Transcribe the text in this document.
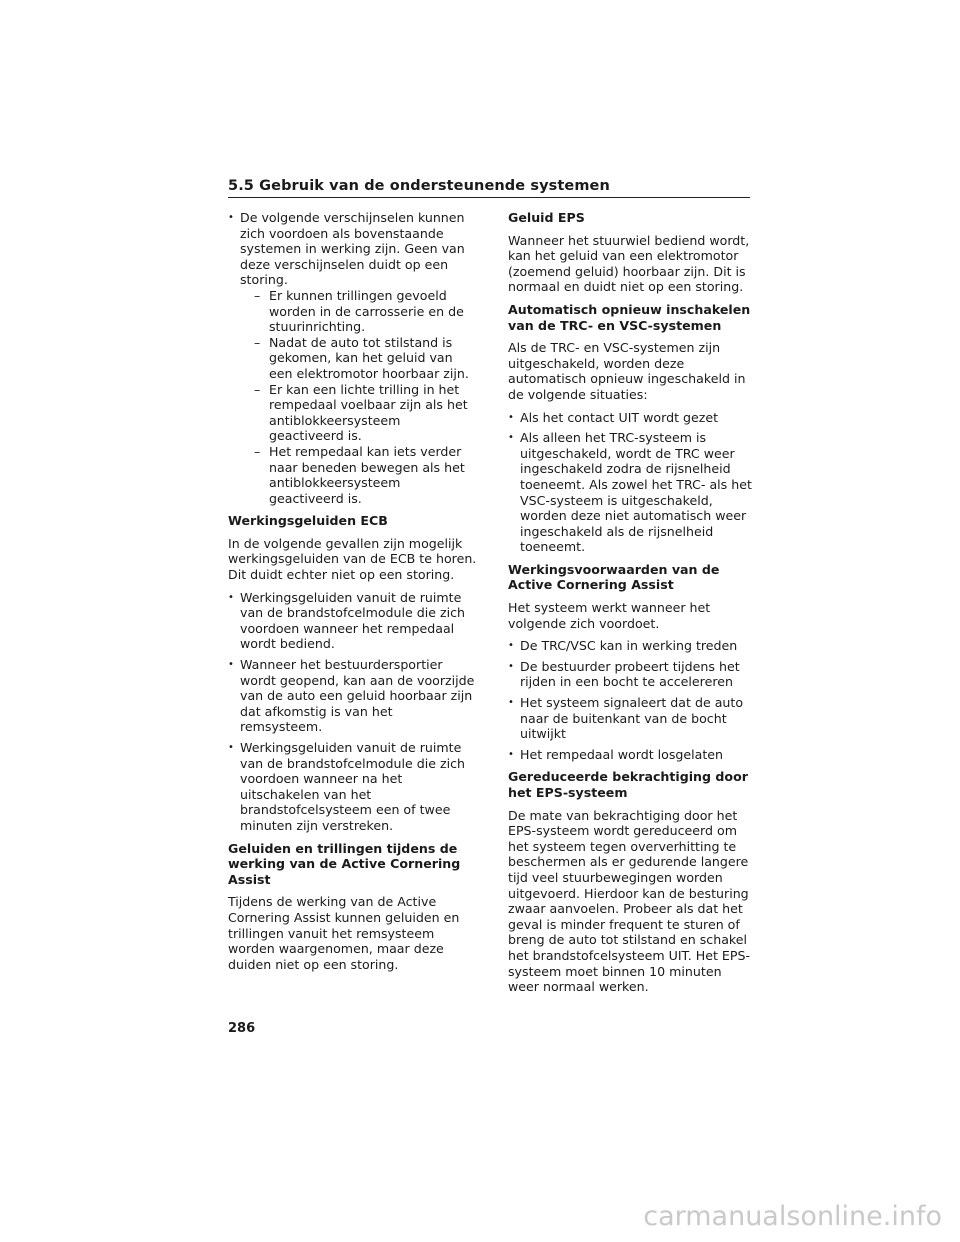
5.5 Gebruik van de ondersteunende systemen
• De volgende verschijnselen kunnen zich voordoen als bovenstaande systemen in werking zijn. Geen van deze verschijnselen duidt op een storing.
– Er kunnen trillingen gevoeld worden in de carrosserie en de stuurinrichting.
– Nadat de auto tot stilstand is gekomen, kan het geluid van een elektromotor hoorbaar zijn.
– Er kan een lichte trilling in het rempedaal voelbaar zijn als het antiblokkeersysteem geactiveerd is.
– Het rempedaal kan iets verder naar beneden bewegen als het antiblokkeersysteem geactiveerd is.
Werkingsgeluiden ECB

In de volgende gevallen zijn mogelijk werkingsgeluiden van de ECB te horen. Dit duidt echter niet op een storing.

• Werkingsgeluiden vanuit de ruimte van de brandstofcelmodule die zich voordoen wanneer het rempedaal wordt bediend.
• Wanneer het bestuurdersportier wordt geopend, kan aan de voorzijde van de auto een geluid hoorbaar zijn dat afkomstig is van het remsysteem.
• Werkingsgeluiden vanuit de ruimte van de brandstofcelmodule die zich voordoen wanneer na het uitschakelen van het brandstofcelsysteem een of twee minuten zijn verstreken.
Geluiden en trillingen tijdens de werking van de Active Cornering Assist

Tijdens de werking van de Active Cornering Assist kunnen geluiden en trillingen vanuit het remsysteem worden waargenomen, maar deze duiden niet op een storing.

Geluid EPS

Wanneer het stuurwiel bediend wordt, kan het geluid van een elektromotor (zoemend geluid) hoorbaar zijn. Dit is normaal en duidt niet op een storing.

Automatisch opnieuw inschakelen van de TRC- en VSC-systemen

Als de TRC- en VSC-systemen zijn uitgeschakeld, worden deze automatisch opnieuw ingeschakeld in de volgende situaties:

• Als het contact UIT wordt gezet
• Als alleen het TRC-systeem is uitgeschakeld, wordt de TRC weer ingeschakeld zodra de rijsnelheid toeneemt. Als zowel het TRC- als het VSC-systeem is uitgeschakeld, worden deze niet automatisch weer ingeschakeld als de rijsnelheid toeneemt.
Werkingsvoorwaarden van de Active Cornering Assist

Het systeem werkt wanneer het volgende zich voordoet.

• De TRC/VSC kan in werking treden
• De bestuurder probeert tijdens het rijden in een bocht te accelereren
• Het systeem signaleert dat de auto naar de buitenkant van de bocht uitwijkt
• Het rempedaal wordt losgelaten
Gereduceerde bekrachtiging door het EPS-systeem

De mate van bekrachtiging door het EPS-systeem wordt gereduceerd om het systeem tegen oververhitting te beschermen als er gedurende langere tijd veel stuurbewegingen worden uitgevoerd. Hierdoor kan de besturing zwaar aanvoelen. Probeer als dat het geval is minder frequent te sturen of breng de auto tot stilstand en schakel het brandstofcelsysteem UIT. Het EPS-systeem moet binnen 10 minuten weer normaal werken.

286
carmanualsonline.info
